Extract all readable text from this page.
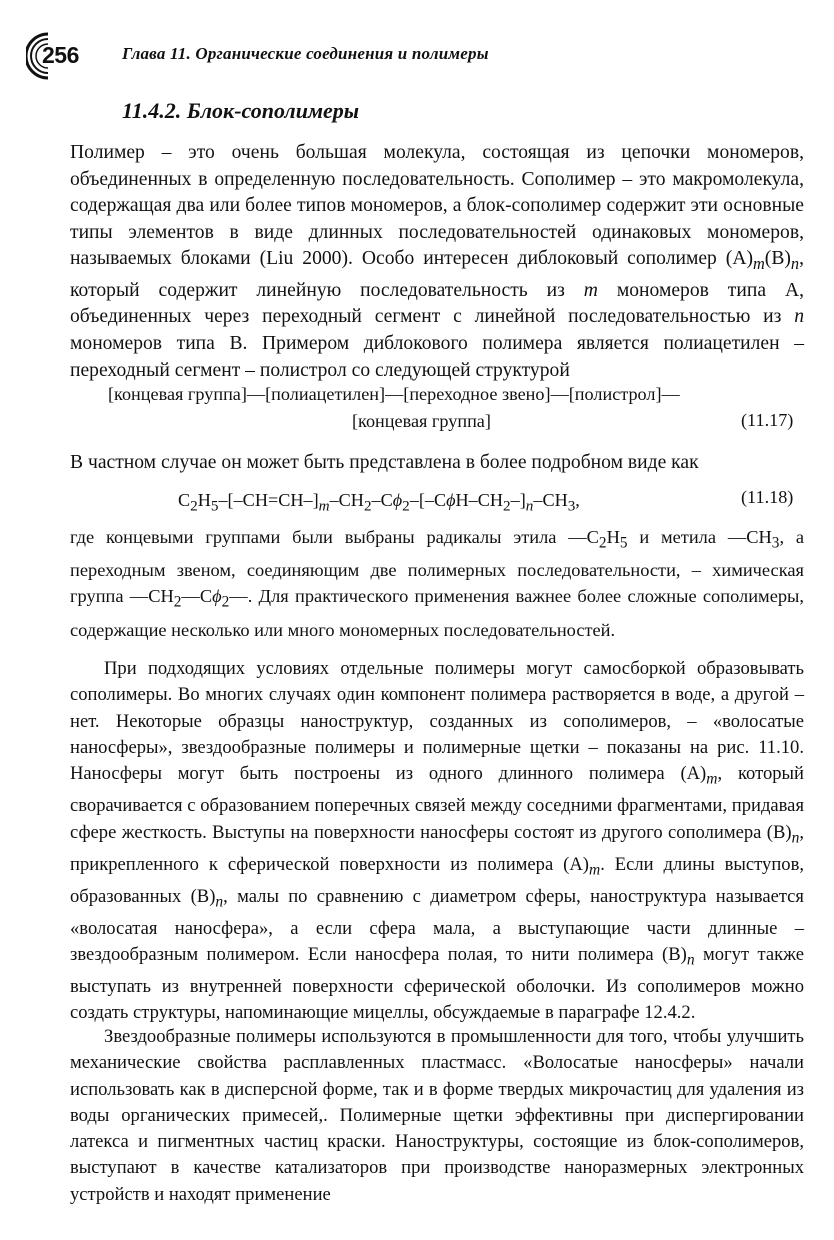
256	Глава 11. Органические соединения и полимеры
11.4.2. Блок-сополимеры
Полимер – это очень большая молекула, состоящая из цепочки мономеров, объединенных в определенную последовательность. Сополимер – это макромолекула, содержащая два или более типов мономеров, а блок-сополимер содержит эти основные типы элементов в виде длинных последовательностей одинаковых мономеров, называемых блоками (Liu 2000). Особо интересен диблоковый сополимер $(А)_m(В)_n$, который содержит линейную последовательность из m мономеров типа А, объединенных через переходный сегмент с линейной последовательностью из n мономеров типа В. Примером диблокового полимера является полиацетилен – переходный сегмент – полистрол со следующей структурой
[концевая группа]—[полиацетилен]—[переходное звено]—[полистрол]—
[концевая группа]	(11.17)
В частном случае он может быть представлена в более подробном виде как
$C_2H_5-[-CH=CH-]_m-CH_2-C\phi_2-[-C\phi H-CH_2-]_n-CH_3$,	(11.18)
где концевыми группами были выбраны радикалы этила $—C_2H_5$ и метила $—CH_3$, а переходным звеном, соединяющим две полимерных последовательности, – химическая группа $—CH_2—C\phi_2—$. Для практического применения важнее более сложные сополимеры, содержащие несколько или много мономерных последовательностей.
При подходящих условиях отдельные полимеры могут самосборкой образовывать сополимеры. Во многих случаях один компонент полимера растворяется в воде, а другой – нет. Некоторые образцы наноструктур, созданных из сополимеров, – «волосатые наносферы», звездообразные полимеры и полимерные щетки – показаны на рис. 11.10. Наносферы могут быть построены из одного длинного полимера $(А)_m$, который сворачивается с образованием поперечных связей между соседними фрагментами, придавая сфере жесткость. Выступы на поверхности наносферы состоят из другого сополимера $(В)_n$, прикрепленного к сферической поверхности из полимера $(А)_m$. Если длины выступов, образованных $(В)_n$, малы по сравнению с диаметром сферы, наноструктура называется «волосатая наносфера», а если сфера мала, а выступающие части длинные – звездообразным полимером. Если наносфера полая, то нити полимера $(В)_n$ могут также выступать из внутренней поверхности сферической оболочки. Из сополимеров можно создать структуры, напоминающие мицеллы, обсуждаемые в параграфе 12.4.2.
Звездообразные полимеры используются в промышленности для того, чтобы улучшить механические свойства расплавленных пластмасс. «Волосатые наносферы» начали использовать как в дисперсной форме, так и в форме твердых микрочастиц для удаления из воды органических примесей,. Полимерные щетки эффективны при диспергировании латекса и пигментных частиц краски. Наноструктуры, состоящие из блок-сополимеров, выступают в качестве катализаторов при производстве наноразмерных электронных устройств и находят применение
